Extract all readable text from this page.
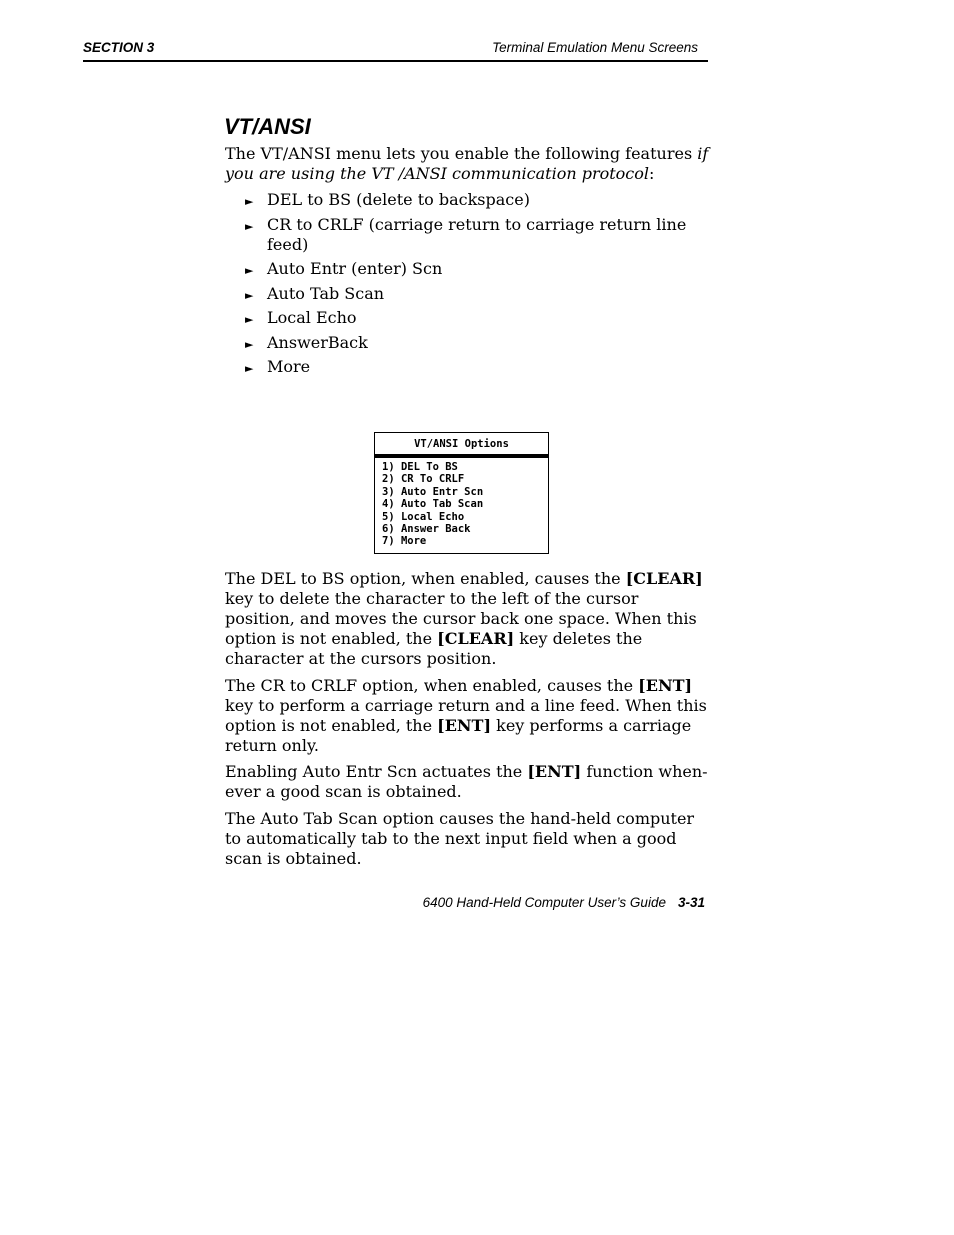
SECTION 3	Terminal Emulation Menu Screens
VT/ANSI

The VT/ANSI menu lets you enable the following features if you are using the VT /ANSI communication protocol:

► DEL to BS (delete to backspace)
► CR to CRLF (carriage return to carriage return line feed)
► Auto Entr (enter) Scn
► Auto Tab Scan
► Local Echo
► AnswerBack
► More
VT/ANSI Options
1) DEL To BS
2) CR To CRLF
3) Auto Entr Scn
4) Auto Tab Scan
5) Local Echo
6) Answer Back
7) More

The DEL to BS option, when enabled, causes the [CLEAR] key to delete the character to the left of the cursor position, and moves the cursor back one space. When this option is not enabled, the [CLEAR] key deletes the character at the cursors position.

The CR to CRLF option, when enabled, causes the [ENT] key to perform a carriage return and a line feed. When this option is not enabled, the [ENT] key performs a carriage return only.

Enabling Auto Entr Scn actuates the [ENT] function whenever a good scan is obtained.

The Auto Tab Scan option causes the hand-held computer to automatically tab to the next input field when a good scan is obtained.

6400 Hand-Held Computer User’s Guide 3-31
